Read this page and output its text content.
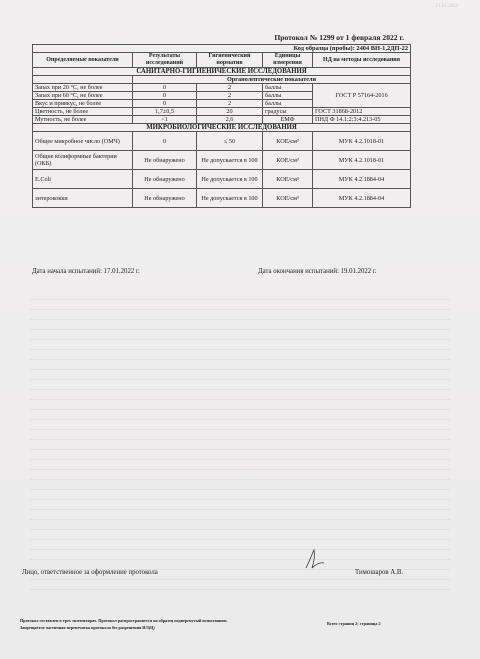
21.01.2022
Протокол № 1299 от 1 февраля 2022 г.
Код образца (пробы): 2404 ВН-1,2ДП-22				
Определяемые показатели	Результаты исследований	Гигиенический норматив	Единицы измерения	НД на методы исследования
САНИТАРНО-ГИГИЕНИЧЕСКИЕ ИССЛЕДОВАНИЯ				
	Органолептические показатели			
Запах при 20 °С, не более	0	2	баллы	ГОСТ Р 57164-2016
Запах при 60 °С, не более	0	2	баллы	
Вкус и привкус, не более	0	2	баллы	
Цветность, не более	1,7±0,5	20	градусы	ГОСТ 31868-2012
Мутность, не более	<1	2,6	ЕМФ	ПНД Ф 14.1:2:3:4.213-05
МИКРОБИОЛОГИЧЕСКИЕ ИССЛЕДОВАНИЯ				
Общее микробное число (ОМЧ)	0	≤ 50	КОЕ/см³	МУК 4.2.1018-01
Общие колиформные бактерии (ОКБ)	Не обнаружено	Не допускается в 100	КОЕ/см³	МУК 4.2.1018-01
E.Coli	Не обнаружено	Не допускается в 100	КОЕ/см³	МУК 4.2.1884-04
энтерококки	Не обнаружено	Не допускается в 100	КОЕ/см³	МУК 4.2.1884-04
Дата начала испытаний: 17.01.2022 г.	Дата окончания испытаний: 19.01.2022 г.
Лицо, ответственное за оформление протокола	Тимошаров А.В.
Протокол составлен в трех экземплярах. Протокол распространяется на образец подвергнутый испытаниям.
Запрещается частичная перепечатка протокола без разрешения ИЛ(Ц)
Всего страниц 2; страница 2
